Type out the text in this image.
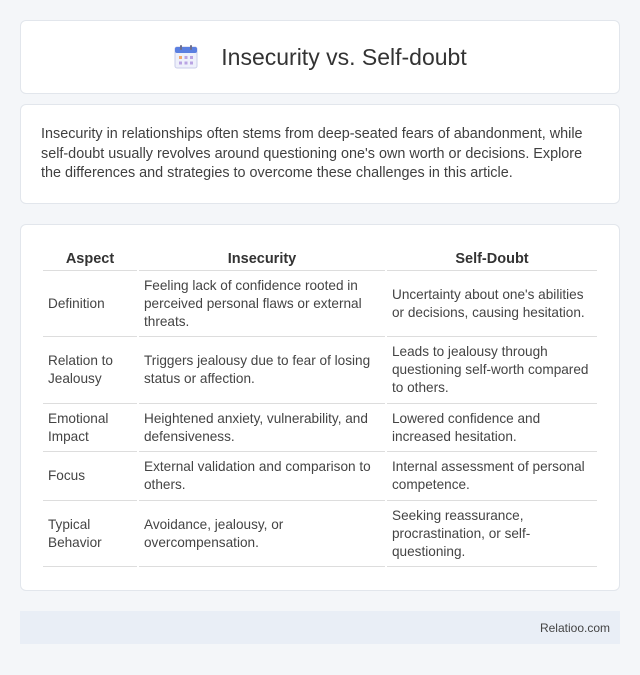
Insecurity vs. Self-doubt

Insecurity in relationships often stems from deep-seated fears of abandonment, while self-doubt usually revolves around questioning one's own worth or decisions. Explore the differences and strategies to overcome these challenges in this article.

Aspect	Insecurity	Self-Doubt
Definition	Feeling lack of confidence rooted in perceived personal flaws or external threats.	Uncertainty about one's abilities or decisions, causing hesitation.
Relation to Jealousy	Triggers jealousy due to fear of losing status or affection.	Leads to jealousy through questioning self-worth compared to others.
Emotional Impact	Heightened anxiety, vulnerability, and defensiveness.	Lowered confidence and increased hesitation.
Focus	External validation and comparison to others.	Internal assessment of personal competence.
Typical Behavior	Avoidance, jealousy, or overcompensation.	Seeking reassurance, procrastination, or self-questioning.
Relatioo.com
